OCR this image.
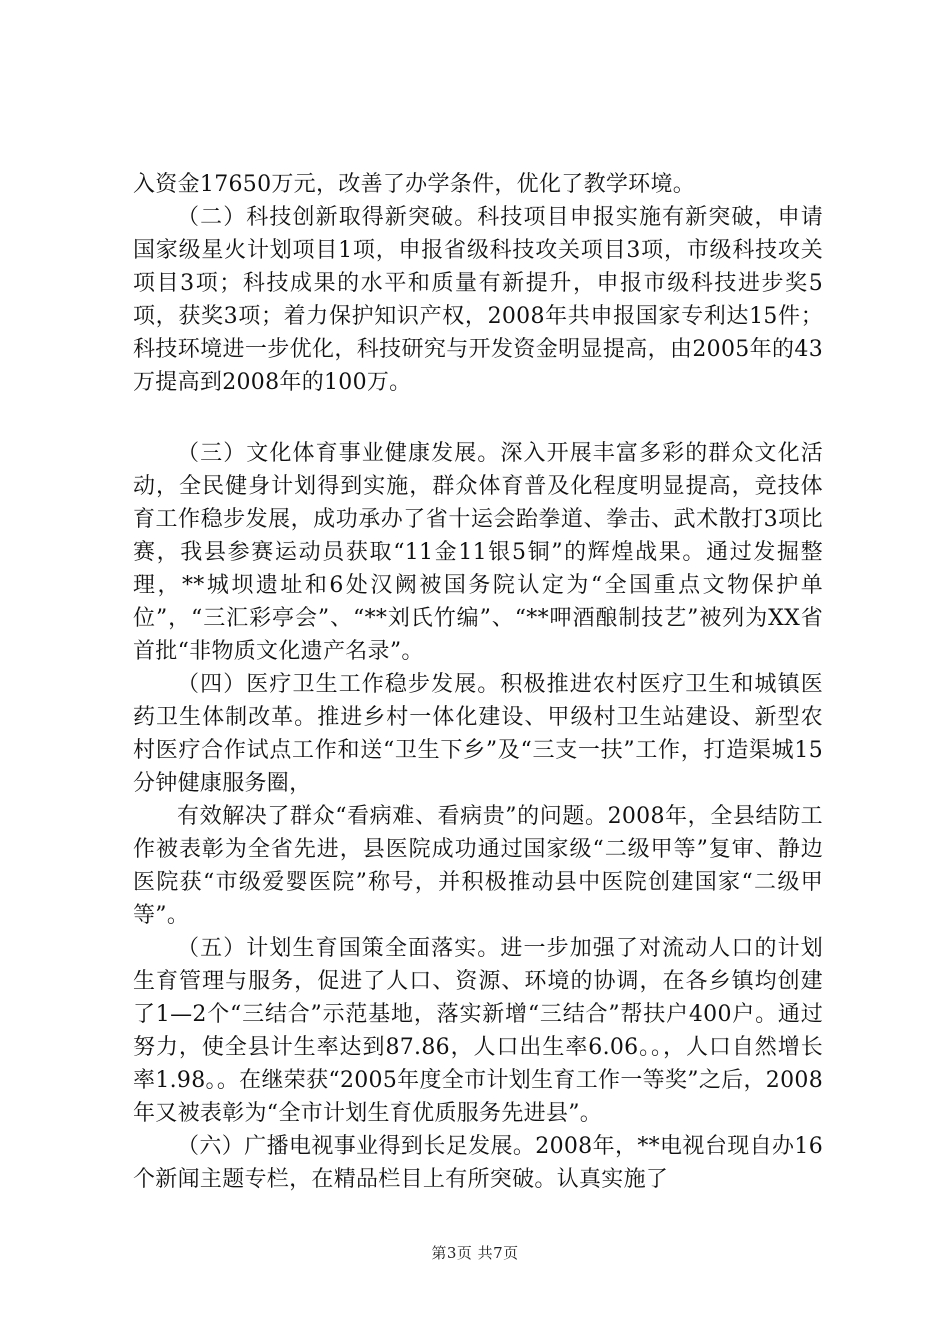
入资金17650万元，改善了办学条件，优化了教学环境。

（二）科技创新取得新突破。科技项目申报实施有新突破，申请国家级星火计划项目1项，申报省级科技攻关项目3项，市级科技攻关项目3项；科技成果的水平和质量有新提升，申报市级科技进步奖5项，获奖3项；着力保护知识产权，2008年共申报国家专利达15件；科技环境进一步优化，科技研究与开发资金明显提高，由2005年的43万提高到2008年的100万。

（三）文化体育事业健康发展。深入开展丰富多彩的群众文化活动，全民健身计划得到实施，群众体育普及化程度明显提高，竞技体育工作稳步发展，成功承办了省十运会跆拳道、拳击、武术散打3项比赛，我县参赛运动员获取“11金11银5铜”的辉煌战果。通过发掘整理，**城坝遗址和6处汉阙被国务院认定为“全国重点文物保护单位”，“三汇彩亭会”、“**刘氏竹编”、“**呷酒酿制技艺”被列为XX省首批“非物质文化遗产名录”。

（四）医疗卫生工作稳步发展。积极推进农村医疗卫生和城镇医药卫生体制改革。推进乡村一体化建设、甲级村卫生站建设、新型农村医疗合作试点工作和送“卫生下乡”及“三支一扶”工作，打造渠城15分钟健康服务圈，

有效解决了群众“看病难、看病贵”的问题。2008年，全县结防工作被表彰为全省先进，县医院成功通过国家级“二级甲等”复审、静边医院获“市级爱婴医院”称号，并积极推动县中医院创建国家“二级甲等”。

（五）计划生育国策全面落实。进一步加强了对流动人口的计划生育管理与服务，促进了人口、资源、环境的协调，在各乡镇均创建了1—2个“三结合”示范基地，落实新增“三结合”帮扶户400户。通过努力，使全县计生率达到87.86，人口出生率6.06。。，人口自然增长率1.98。。在继荣获“2005年度全市计划生育工作一等奖”之后，2008年又被表彰为“全市计划生育优质服务先进县”。

（六）广播电视事业得到长足发展。2008年，**电视台现自办16个新闻主题专栏，在精品栏目上有所突破。认真实施了

第3页 共7页
